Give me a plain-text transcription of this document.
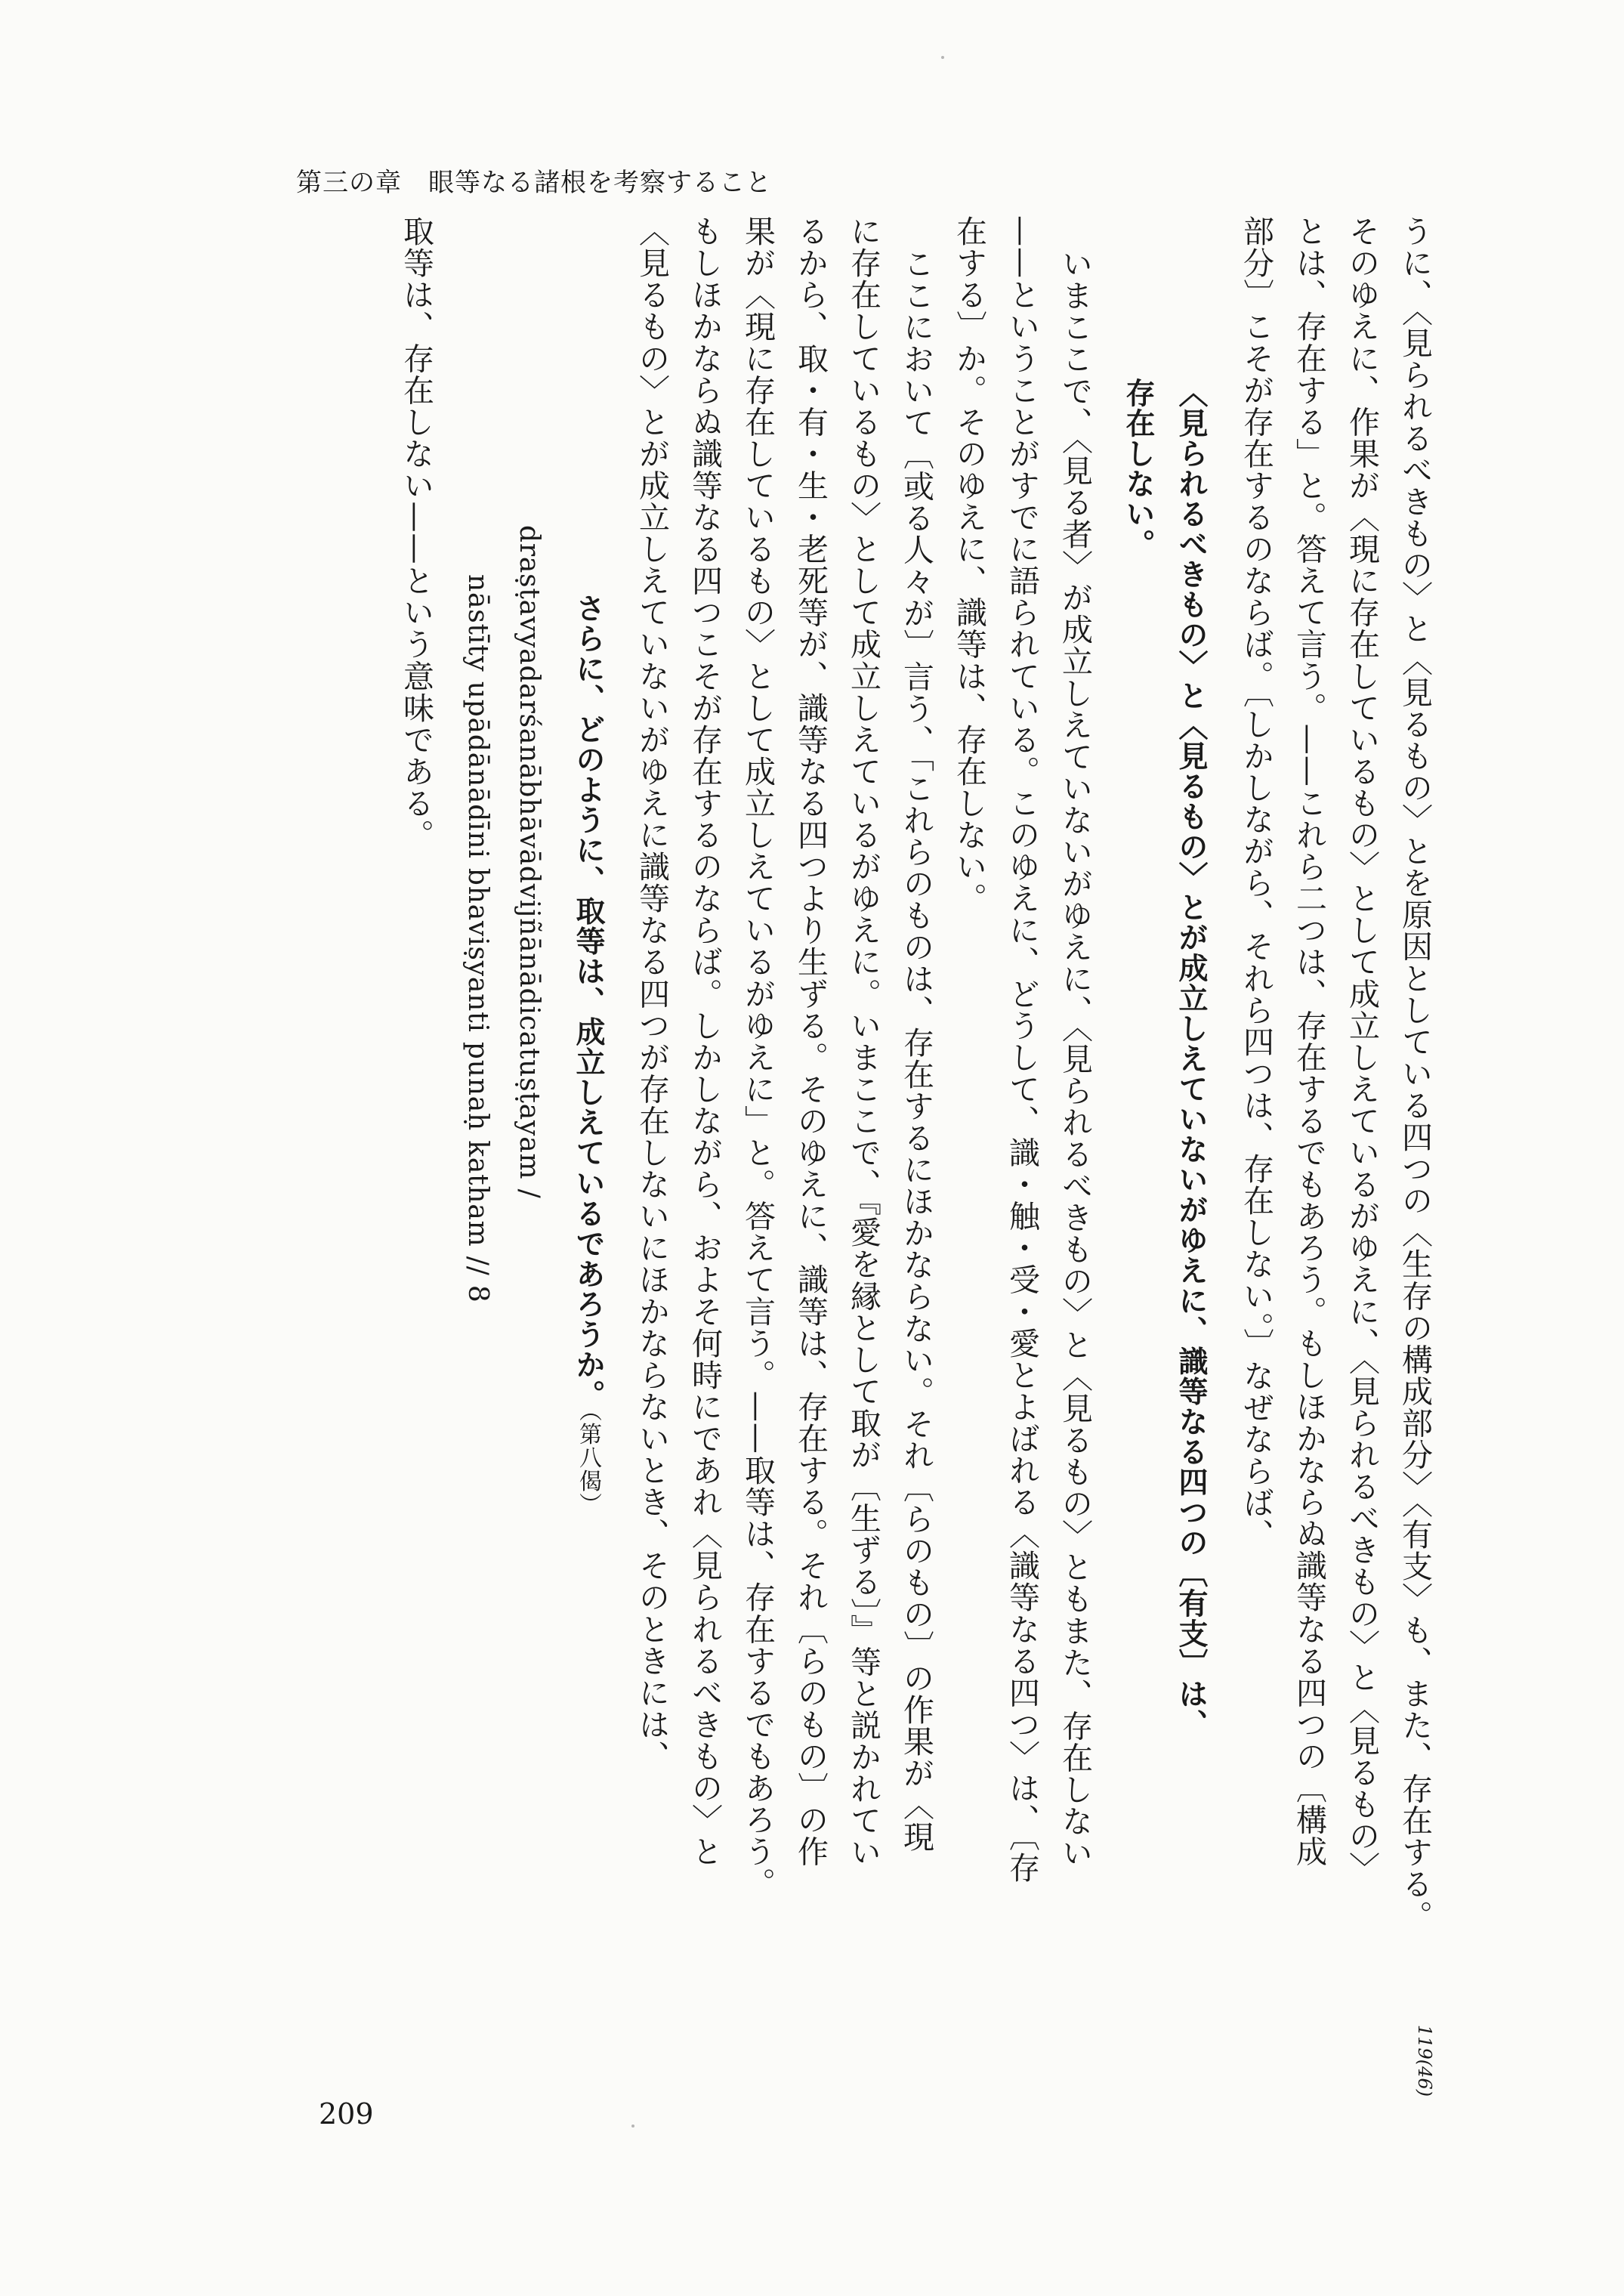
第三の章　眼等なる諸根を考察すること
うに、〈見られるべきもの〉と〈見るもの〉とを原因としている四つの〈生存の構成部分〉〈有支〉も、また、存在する。
そのゆえに、作果が〈現に存在しているもの〉として成立しえているがゆえに、〈見られるべきもの〉と〈見るもの〉
とは、存在する」と。答えて言う。——これら二つは、存在するでもあろう。もしほかならぬ識等なる四つの〔構成
部分〕こそが存在するのならば。〔しかしながら、それら四つは、存在しない。〕なぜならば、
〈見られるべきもの〉と〈見るもの〉とが成立しえていないがゆえに、識等なる四つの〔有支〕は、
存在しない。
いまここで、〈見る者〉が成立しえていないがゆえに、〈見られるべきもの〉と〈見るもの〉ともまた、存在しない
——ということがすでに語られている。このゆえに、どうして、識・触・受・愛とよばれる〈識等なる四つ〉は、〔存
在する〕か。そのゆえに、識等は、存在しない。
ここにおいて〔或る人々が〕言う、「これらのものは、存在するにほかならない。それ〔らのもの〕の作果が〈現
に存在しているもの〉として成立しえているがゆえに。いまここで、『愛を縁として取が〔生ずる〕』等と説かれてい
るから、取・有・生・老死等が、識等なる四つより生ずる。そのゆえに、識等は、存在する。それ〔らのもの〕の作
果が〈現に存在しているもの〉として成立しえているがゆえに」と。答えて言う。——取等は、存在するでもあろう。
もしほかならぬ識等なる四つこそが存在するのならば。しかしながら、およそ何時にであれ〈見られるべきもの〉と
〈見るもの〉とが成立しえていないがゆえに識等なる四つが存在しないにほかならないとき、そのときには、
さらに、どのように、取等は、成立しえているであろうか。（第八偈）
draṣṭavyadarśanābhāvādvijñānādicatuṣṭayam /
nāstīty upādānādīni bhaviṣyanti punaḥ katham // 8
取等は、存在しない——という意味である。
119(46)
209
